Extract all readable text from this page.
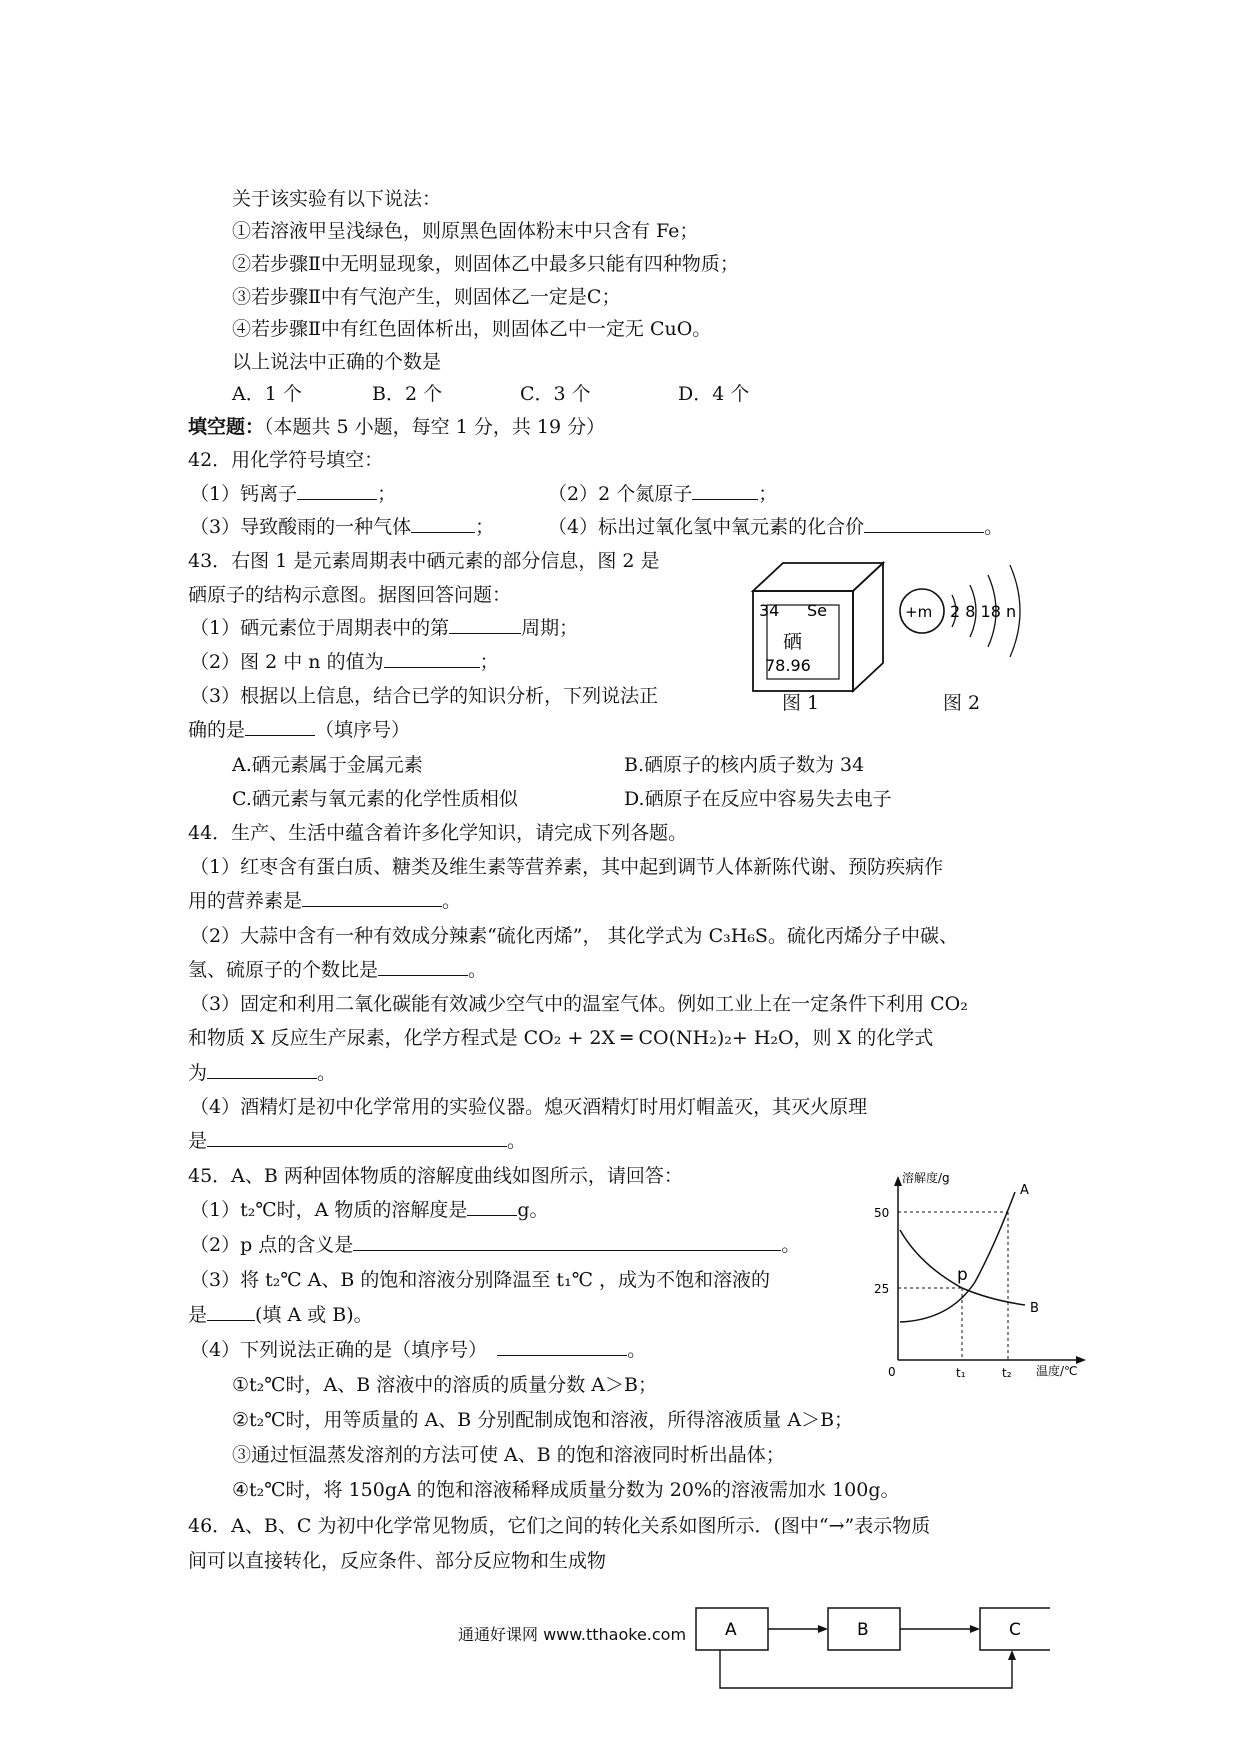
关于该实验有以下说法：
①若溶液甲呈浅绿色，则原黑色固体粉末中只含有 Fe；
②若步骤Ⅱ中无明显现象，则固体乙中最多只能有四种物质；
③若步骤Ⅱ中有气泡产生，则固体乙一定是C；
④若步骤Ⅱ中有红色固体析出，则固体乙中一定无 CuO。
以上说法中正确的个数是
A．1 个	B．2 个	C．3 个	D．4 个
填空题：（本题共 5 小题，每空 1 分，共 19 分）
42．用化学符号填空：
（1）钙离子	；	（2）2 个氮原子	；
（3）导致酸雨的一种气体	；	（4）标出过氧化氢中氧元素的化合价	。
43．右图 1 是元素周期表中硒元素的部分信息，图 2 是
硒原子的结构示意图。据图回答问题：
（1）硒元素位于周期表中的第	周期；
（2）图 2 中 n 的值为	；
（3）根据以上信息，结合已学的知识分析，下列说法正
确的是	（填序号）
A.硒元素属于金属元素	B.硒原子的核内质子数为 34
C.硒元素与氧元素的化学性质相似	D.硒原子在反应中容易失去电子
34 Se
硒
78.96
图 1
+m 2 8 18 n
图 2
44．生产、生活中蕴含着许多化学知识，请完成下列各题。
（1）红枣含有蛋白质、糖类及维生素等营养素，其中起到调节人体新陈代谢、预防疾病作
用的营养素是	。
（2）大蒜中含有一种有效成分辣素“硫化丙烯”， 其化学式为 C₃H₆S。硫化丙烯分子中碳、
氢、硫原子的个数比是	。
（3）固定和利用二氧化碳能有效减少空气中的温室气体。例如工业上在一定条件下利用 CO₂
和物质 X 反应生产尿素，化学方程式是 CO₂ + 2X ═ CO(NH₂)₂+ H₂O，则 X 的化学式
为	。
（4）酒精灯是初中化学常用的实验仪器。熄灭酒精灯时用灯帽盖灭，其灭火原理
是	。
45．A、B 两种固体物质的溶解度曲线如图所示，请回答：
（1）t₂℃时，A 物质的溶解度是	g。
（2）p 点的含义是	。
（3）将 t₂℃ A、B 的饱和溶液分别降温至 t₁℃ ，成为不饱和溶液的
是	(填 A 或 B)。
（4）下列说法正确的是（填序号）	。
①t₂℃时，A、B 溶液中的溶质的质量分数 A＞B；
②t₂℃时，用等质量的 A、B 分别配制成饱和溶液，所得溶液质量 A＞B；
③通过恒温蒸发溶剂的方法可使 A、B 的饱和溶液同时析出晶体；
④t₂℃时，将 150gA 的饱和溶液稀释成质量分数为 20%的溶液需加水 100g。
溶解度/g
温度/℃
0
50
25
t₁	t₂
p
A
B
46．A、B、C 为初中化学常见物质，它们之间的转化关系如图所示．(图中“→”表示物质
间可以直接转化，反应条件、部分反应物和生成物
A	B	C
通通好课网 www.tthaoke.com
